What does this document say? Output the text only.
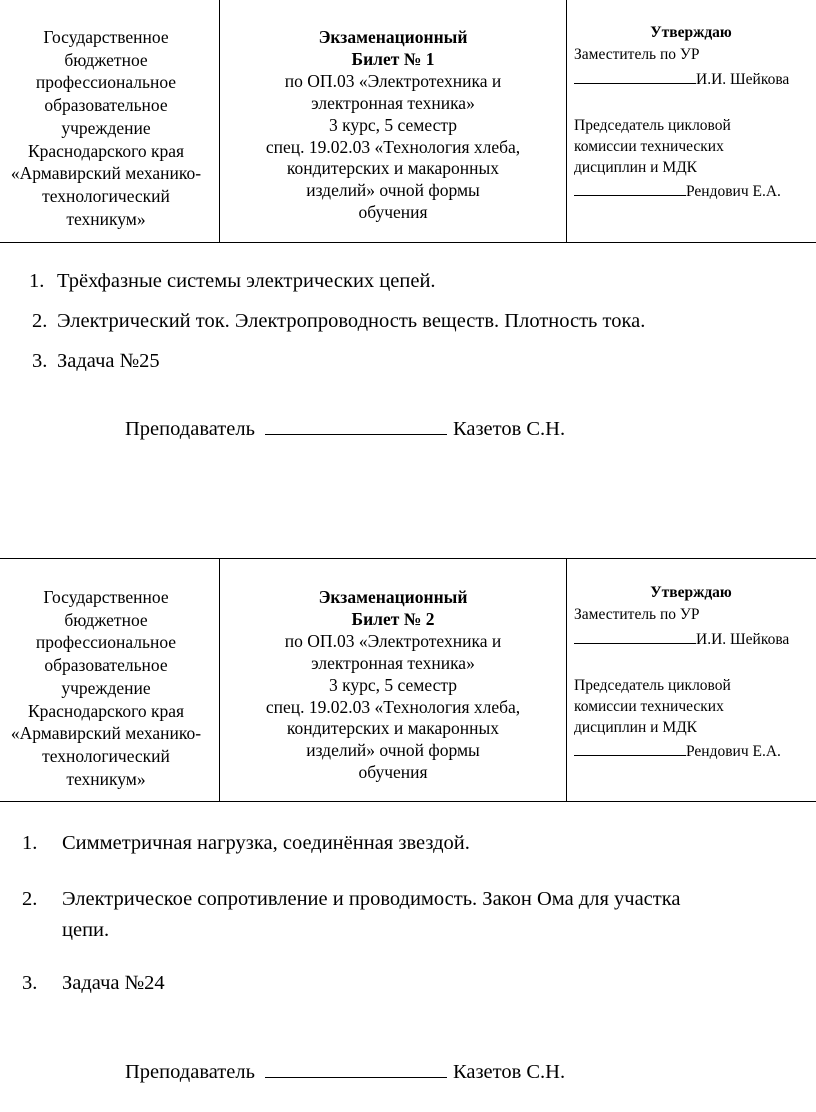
Государственное
бюджетное
профессиональное
образовательное
учреждение
Краснодарского края
«Армавирский механико-
технологический
техникум»
Экзаменационный
Билет № 1
по ОП.03 «Электротехника и
электронная техника»
3 курс, 5 семестр
спец. 19.02.03 «Технология хлеба,
кондитерских и макаронных
изделий» очной формы
обучения
Утверждаю
Заместитель по УР
И.И. Шейкова
Председатель цикловой
комиссии технических
дисциплин и МДК
Рендович Е.А.
1. Трёхфазные системы электрических цепей.
2. Электрический ток. Электропроводность веществ. Плотность тока.
3. Задача №25
Преподаватель	Казетов С.Н.
Государственное
бюджетное
профессиональное
образовательное
учреждение
Краснодарского края
«Армавирский механико-
технологический
техникум»
Экзаменационный
Билет № 2
по ОП.03 «Электротехника и
электронная техника»
3 курс, 5 семестр
спец. 19.02.03 «Технология хлеба,
кондитерских и макаронных
изделий» очной формы
обучения
Утверждаю
Заместитель по УР
И.И. Шейкова
Председатель цикловой
комиссии технических
дисциплин и МДК
Рендович Е.А.
1. Симметричная нагрузка, соединённая звездой.
2. Электрическое сопротивление и проводимость. Закон Ома для участка
цепи.
3. Задача №24
Преподаватель	Казетов С.Н.
